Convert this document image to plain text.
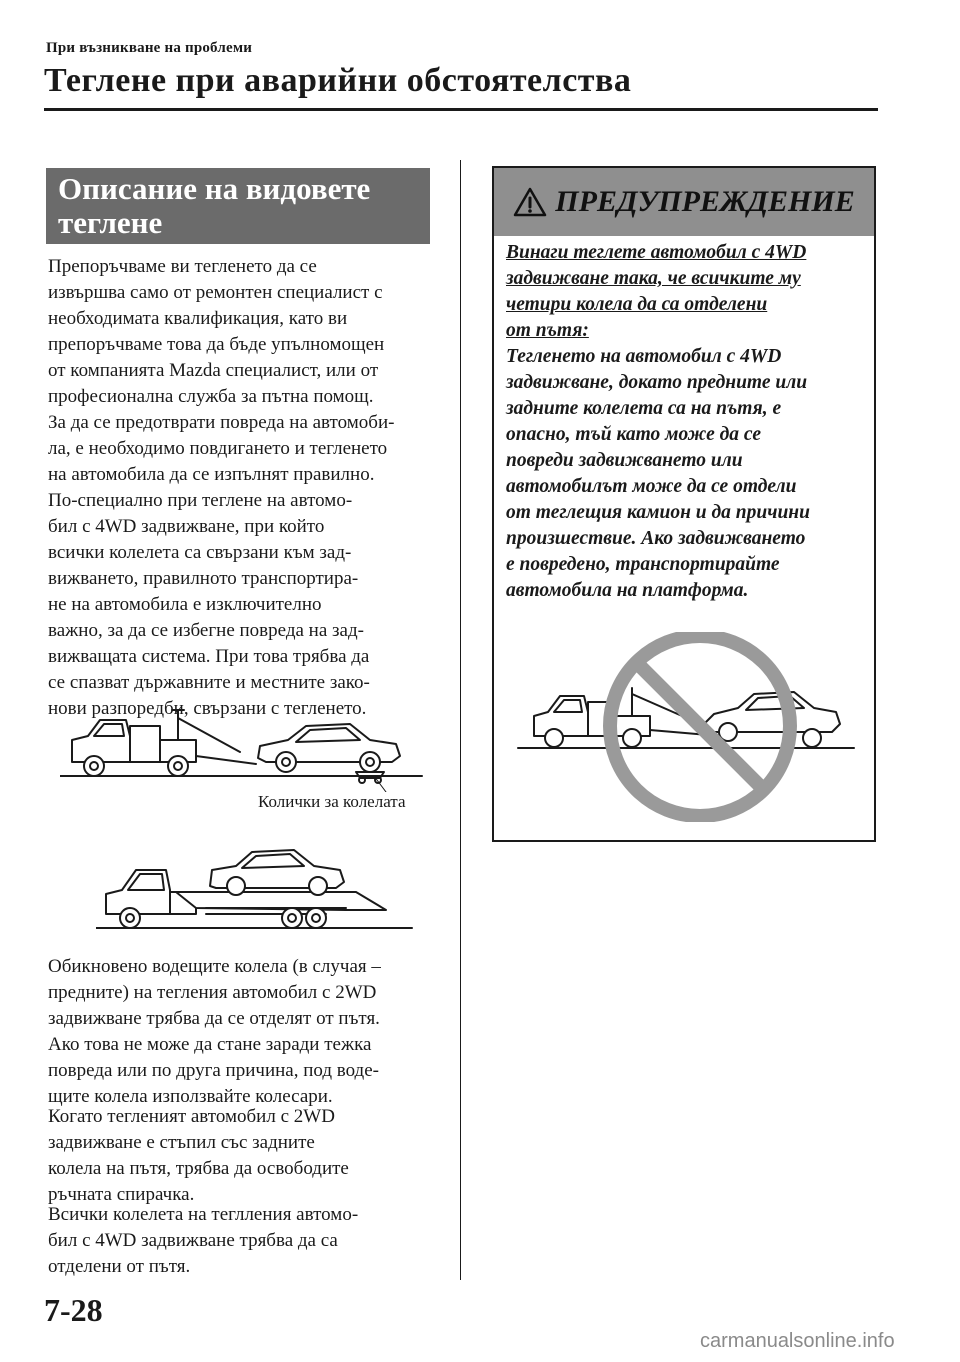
При възникване на проблеми
Теглене при аварийни обстоятелства
Описание на видовете
теглене
Препоръчваме ви тегленето да се
извършва само от ремонтен специалист с
необходимата квалификация, като ви
препоръчваме това да бъде упълномощен
от компанията Mazda специалист, или от
професионална служба за пътна помощ.
За да се предотврати повреда на автомоби-
ла, е необходимо повдигането и тегленето
на автомобила да се изпълнят правилно.
По-специално при теглене на автомо-
бил с 4WD задвижване, при който
всички колелета са свързани към зад-
вижването, правилното транспортира-
не на автомобила е изключително
важно, за да се избегне повреда на зад-
вижващата система. При това трябва да
се спазват държавните и местните зако-
нови разпоредби, свързани с тегленето.
Колички за колелата
Обикновено водещите колела (в случая –
предните) на тегления автомобил с 2WD
задвижване трябва да се отделят от пътя.
Ако това не може да стане заради тежка
повреда или по друга причина, под воде-
щите колела използвайте колесари.
Когато тегленият автомобил с 2WD
задвижване е стъпил със задните
колела на пътя, трябва да освободите
ръчната спирачка.
Всички колелета на теглления автомо-
бил с 4WD задвижване трябва да са
отделени от пътя.
ПРЕДУПРЕЖДЕНИЕ
Винаги теглете автомобил с 4WD
задвижване така, че всичките му
четири колела да са отделени
от пътя:
Тегленето на автомобил с 4WD
задвижване, докато предните или
задните колелета са на пътя, е
опасно, тъй като може да се
повреди задвижването или
автомобилът може да се отдели
от теглещия камион и да причини
произшествие. Ако задвижването
е повредено, транспортирайте
автомобила на платформа.
7-28
carmanualsonline.info
